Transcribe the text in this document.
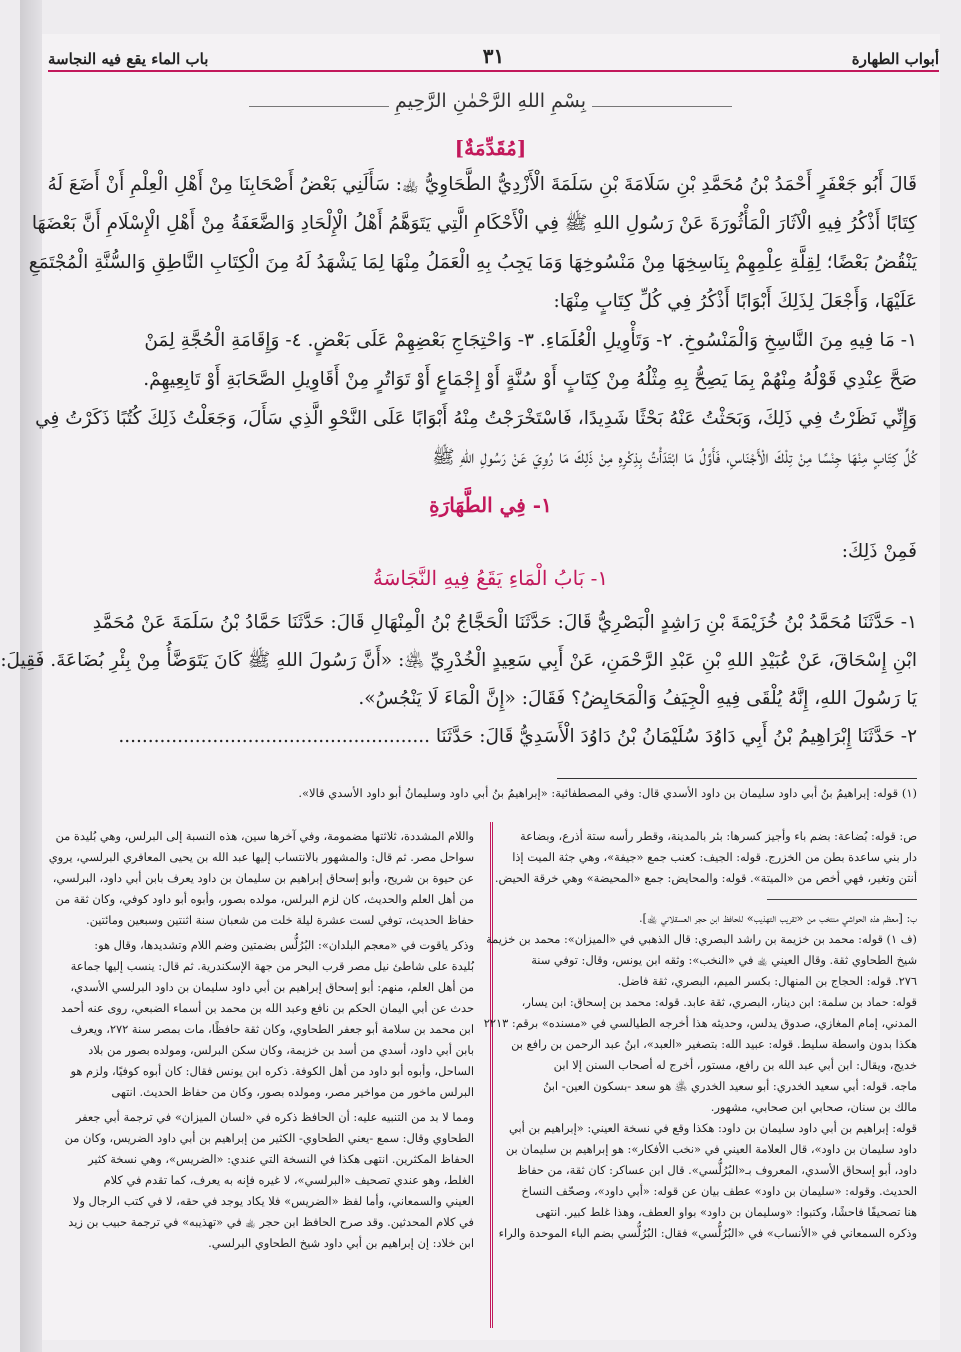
أبواب الطهارة
٣١
باب الماء يقع فيه النجاسة
بِسْمِ اللهِ الرَّحْمٰنِ الرَّحِيمِ
[مُقَدِّمَةٌ]
قَالَ أَبُو جَعْفَرٍ أَحْمَدُ بْنُ مُحَمَّدِ بْنِ سَلَامَةَ بْنِ سَلَمَةَ الْأَزْدِيُّ الطَّحَاوِيُّ ﵀: سَأَلَنِي بَعْضُ أَصْحَابِنَا مِنْ أَهْلِ الْعِلْمِ أَنْ أَضَعَ لَهُ
كِتَابًا أَذْكُرُ فِيهِ الْآثَارَ الْمَأْثُورَةَ عَنْ رَسُولِ اللهِ ﷺ فِي الْأَحْكَامِ الَّتِي يَتَوَهَّمُ أَهْلُ الْإِلْحَادِ وَالضَّعَفَةُ مِنْ أَهْلِ الْإِسْلَامِ أَنَّ بَعْضَهَا
يَنْقُضُ بَعْضًا؛ لِقِلَّةِ عِلْمِهِمْ بِنَاسِخِهَا مِنْ مَنْسُوخِهَا وَمَا يَجِبُ بِهِ الْعَمَلُ مِنْهَا لِمَا يَشْهَدُ لَهُ مِنَ الْكِتَابِ النَّاطِقِ وَالسُّنَّةِ الْمُجْتَمَعِ
عَلَيْهَا، وَأَجْعَلَ لِذَلِكَ أَبْوَابًا أَذْكُرُ فِي كُلِّ كِتَابٍ مِنْهَا:
١- مَا فِيهِ مِنَ النَّاسِخِ وَالْمَنْسُوخِ. ٢- وَتَأْوِيلِ الْعُلَمَاءِ. ٣- وَاحْتِجَاجِ بَعْضِهِمْ عَلَى بَعْضٍ. ٤- وَإِقَامَةِ الْحُجَّةِ لِمَنْ
صَحَّ عِنْدِي قَوْلُهُ مِنْهُمْ بِمَا يَصِحُّ بِهِ مِثْلُهُ مِنْ كِتَابٍ أَوْ سُنَّةٍ أَوْ إِجْمَاعٍ أَوْ تَوَاتُرٍ مِنْ أَقَاوِيلِ الصَّحَابَةِ أَوْ تَابِعِيهِمْ.
وَإِنِّي نَظَرْتُ فِي ذَلِكَ، وَبَحَثْتُ عَنْهُ بَحْثًا شَدِيدًا، فَاسْتَخْرَجْتُ مِنْهُ أَبْوَابًا عَلَى النَّحْوِ الَّذِي سَأَلَ، وَجَعَلْتُ ذَلِكَ كُتُبًا ذَكَرْتُ فِي
كُلِّ كِتَابٍ مِنْهَا جِنْسًا مِنْ تِلْكَ الْأَجْنَاسِ، فَأَوَّلُ مَا ابْتَدَأْتُ بِذِكْرِهِ مِنْ ذَلِكَ مَا رُوِيَ عَنْ رَسُولِ اللهِ ﷺ
١- فِي الطَّهَارَةِ
فَمِنْ ذَلِكَ:
١- بَابُ الْمَاءِ يَقَعُ فِيهِ النَّجَاسَةُ
١- حَدَّثَنَا مُحَمَّدُ بْنُ خُزَيْمَةَ بْنِ رَاشِدٍ الْبَصْرِيُّ قَالَ: حَدَّثَنَا الْحَجَّاجُ بْنُ الْمِنْهَالِ قَالَ: حَدَّثَنَا حَمَّادُ بْنُ سَلَمَةَ عَنْ مُحَمَّدِ
ابْنِ إِسْحَاقَ، عَنْ عُبَيْدِ اللهِ بْنِ عَبْدِ الرَّحْمَنِ، عَنْ أَبِي سَعِيدٍ الْخُدْرِيِّ ﵁: «أَنَّ رَسُولَ اللهِ ﷺ كَانَ يَتَوَضَّأُ مِنْ بِئْرِ بُضَاعَةَ. فَقِيلَ:
يَا رَسُولَ اللهِ، إِنَّهُ يُلْقَى فِيهِ الْجِيَفُ وَالْمَحَايِضُ؟ فَقَالَ: «إِنَّ الْمَاءَ لَا يَنْجُسُ».
٢- حَدَّثَنَا إِبْرَاهِيمُ بْنُ أَبِي دَاوُدَ سُلَيْمَانُ بْنُ دَاوُدَ الْأَسَدِيُّ قَالَ: حَدَّثَنَا .....................................................
(١) قوله: إبراهيمُ بنُ أبي داود سليمان بن داود الأسدي قال: وفي المصطفائية: «إبراهيمُ بنُ أبي داود وسليمانُ أبو داود الأسدي قالا».

ص: قوله: بُضاعة: بضم باء وأجيز كسرها: بئر بالمدينة، وقطر رأسه ستة أذرع، وبضاعة

دار بني ساعدة بطن من الخزرج. قوله: الجيف: كعنب جمع «جيفة»، وهي جثة الميت إذا

أنتن وتغير، فهي أخص من «الميتة». قوله: والمحايض: جمع «المحيضة» وهي خرقة الحيض.

ب: [معظم هذه الحواشي منتخب من «تقريب التهذيب» للحافظ ابن حجر العسقلاني ﵀].

(ف ١) قوله: محمد بن خزيمة بن راشد البصري: قال الذهبي في «الميزان»: محمد بن خزيمة

شيخ الطحاوي ثقة. وقال العيني ﵀ في «النخب»: وثقه ابن يونس، وقال: توفي سنة

٢٧٦. قوله: الحجاج بن المنهال: بكسر الميم، البصري، ثقة فاضل.

قوله: حماد بن سلمة: ابن دينار، البصري، ثقة عابد. قوله: محمد بن إسحاق: ابن يسار،

المدني، إمام المغازي، صدوق يدلس، وحديثه هذا أخرجه الطيالسي في «مسنده» برقم: ٢٢١٣

هكذا بدون واسطة سليط. قوله: عبيد الله: بتصغير «العبد»، ابنُ عبد الرحمن بن رافع بن

خديج، ويقال: ابن أبي عبد الله بن رافع، مستور، أخرج له أصحاب السنن إلا ابن

ماجه. قوله: أبي سعيد الخدري: أبو سعيد الخدري ﵁ هو سعد -بسكون العين- ابنُ

مالك بن سنان، صحابي ابن صحابي، مشهور.

قوله: إبراهيم بن أبي داود سليمان بن داود: هكذا وقع في نسخة العيني: «إبراهيم بن أبي

داود سليمان بن داود»، قال العلامة العيني في «نخب الأفكار»: هو إبراهيم بن سليمان بن

داود، أبو إسحاق الأسدي، المعروف بـ«البُرُلُّسي». قال ابن عساكر: كان ثقة، من حفاظ

الحديث. وقوله: «سليمان بن داود» عطف بيان عن قوله: «أبي داود»، وصحّف النساخ

هنا تصحيفًا فاحشًا، وكتبوا: «وسليمان بن داود» بواو العطف، وهذا غلط كبير. انتهى

وذكره السمعاني في «الأنساب» في «البُرُلُّسي» فقال: البُرُلُّسي بضم الباء الموحدة والراء

واللام المشددة، ثلاثتها مضمومة، وفي آخرها سين، هذه النسبة إلى البرلس، وهي بُليدة من

سواحل مصر. ثم قال: والمشهور بالانتساب إليها عبد الله بن يحيى المعافري البرلسي، يروي

عن حيوة بن شريح، وأبو إسحاق إبراهيم بن سليمان بن داود يعرف بابن أبي داود، البرلسي،

من أهل العلم والحديث، كان لزم البرلس، مولده بصور، وأبوه أبو داود كوفي، وكان ثقة من

حفاظ الحديث، توفي لست عشرة ليلة خلت من شعبان سنة اثنتين وسبعين ومائتين.

وذكر ياقوت في «معجم البلدان»: البُرُلُّس بضمتين وضم اللام وتشديدها، وقال هو:

بُليدة على شاطئ نيل مصر قرب البحر من جهة الإسكندرية. ثم قال: ينسب إليها جماعة

من أهل العلم، منهم: أبو إسحاق إبراهيم بن أبي داود سليمان بن داود البرلسي الأسدي،

حدث عن أبي اليمان الحكم بن نافع وعبد الله بن محمد بن أسماء الضبعي، روى عنه أحمد

ابن محمد بن سلامة أبو جعفر الطحاوي، وكان ثقة حافظًا، مات بمصر سنة ٢٧٢، ويعرف

بابن أبي داود، أسدي من أسد بن خزيمة، وكان سكن البرلس، ومولده بصور من بلاد

الساحل، وأبوه أبو داود من أهل الكوفة. ذكره ابن يونس فقال: كان أبوه كوفيًا، ولزم هو

البرلس ماخور من مواخير مصر، ومولده بصور، وكان من حفاظ الحديث. انتهى

ومما لا بد من التنبيه عليه: أن الحافظ ذكره في «لسان الميزان» في ترجمة أبي جعفر

الطحاوي وقال: سمع -يعني الطحاوي- الكثير من إبراهيم بن أبي داود الضريس، وكان من

الحفاظ المكثرين. انتهى هكذا في النسخة التي عندي: «الضريس»، وهي نسخة كثير

الغلط، وهو عندي تصحيف «البرلسي»، لا غيره فإنه به يعرف، كما تقدم في كلام

العيني والسمعاني، وأما لفظ «الضريس» فلا يكاد يوجد في حقه، لا في كتب الرجال ولا

في كلام المحدثين. وقد صرح الحافظ ابن حجر ﵀ في «تهذيبه» في ترجمة حبيب بن زيد

ابن خلاد: إن إبراهيم بن أبي داود شيخ الطحاوي البرلسي.
